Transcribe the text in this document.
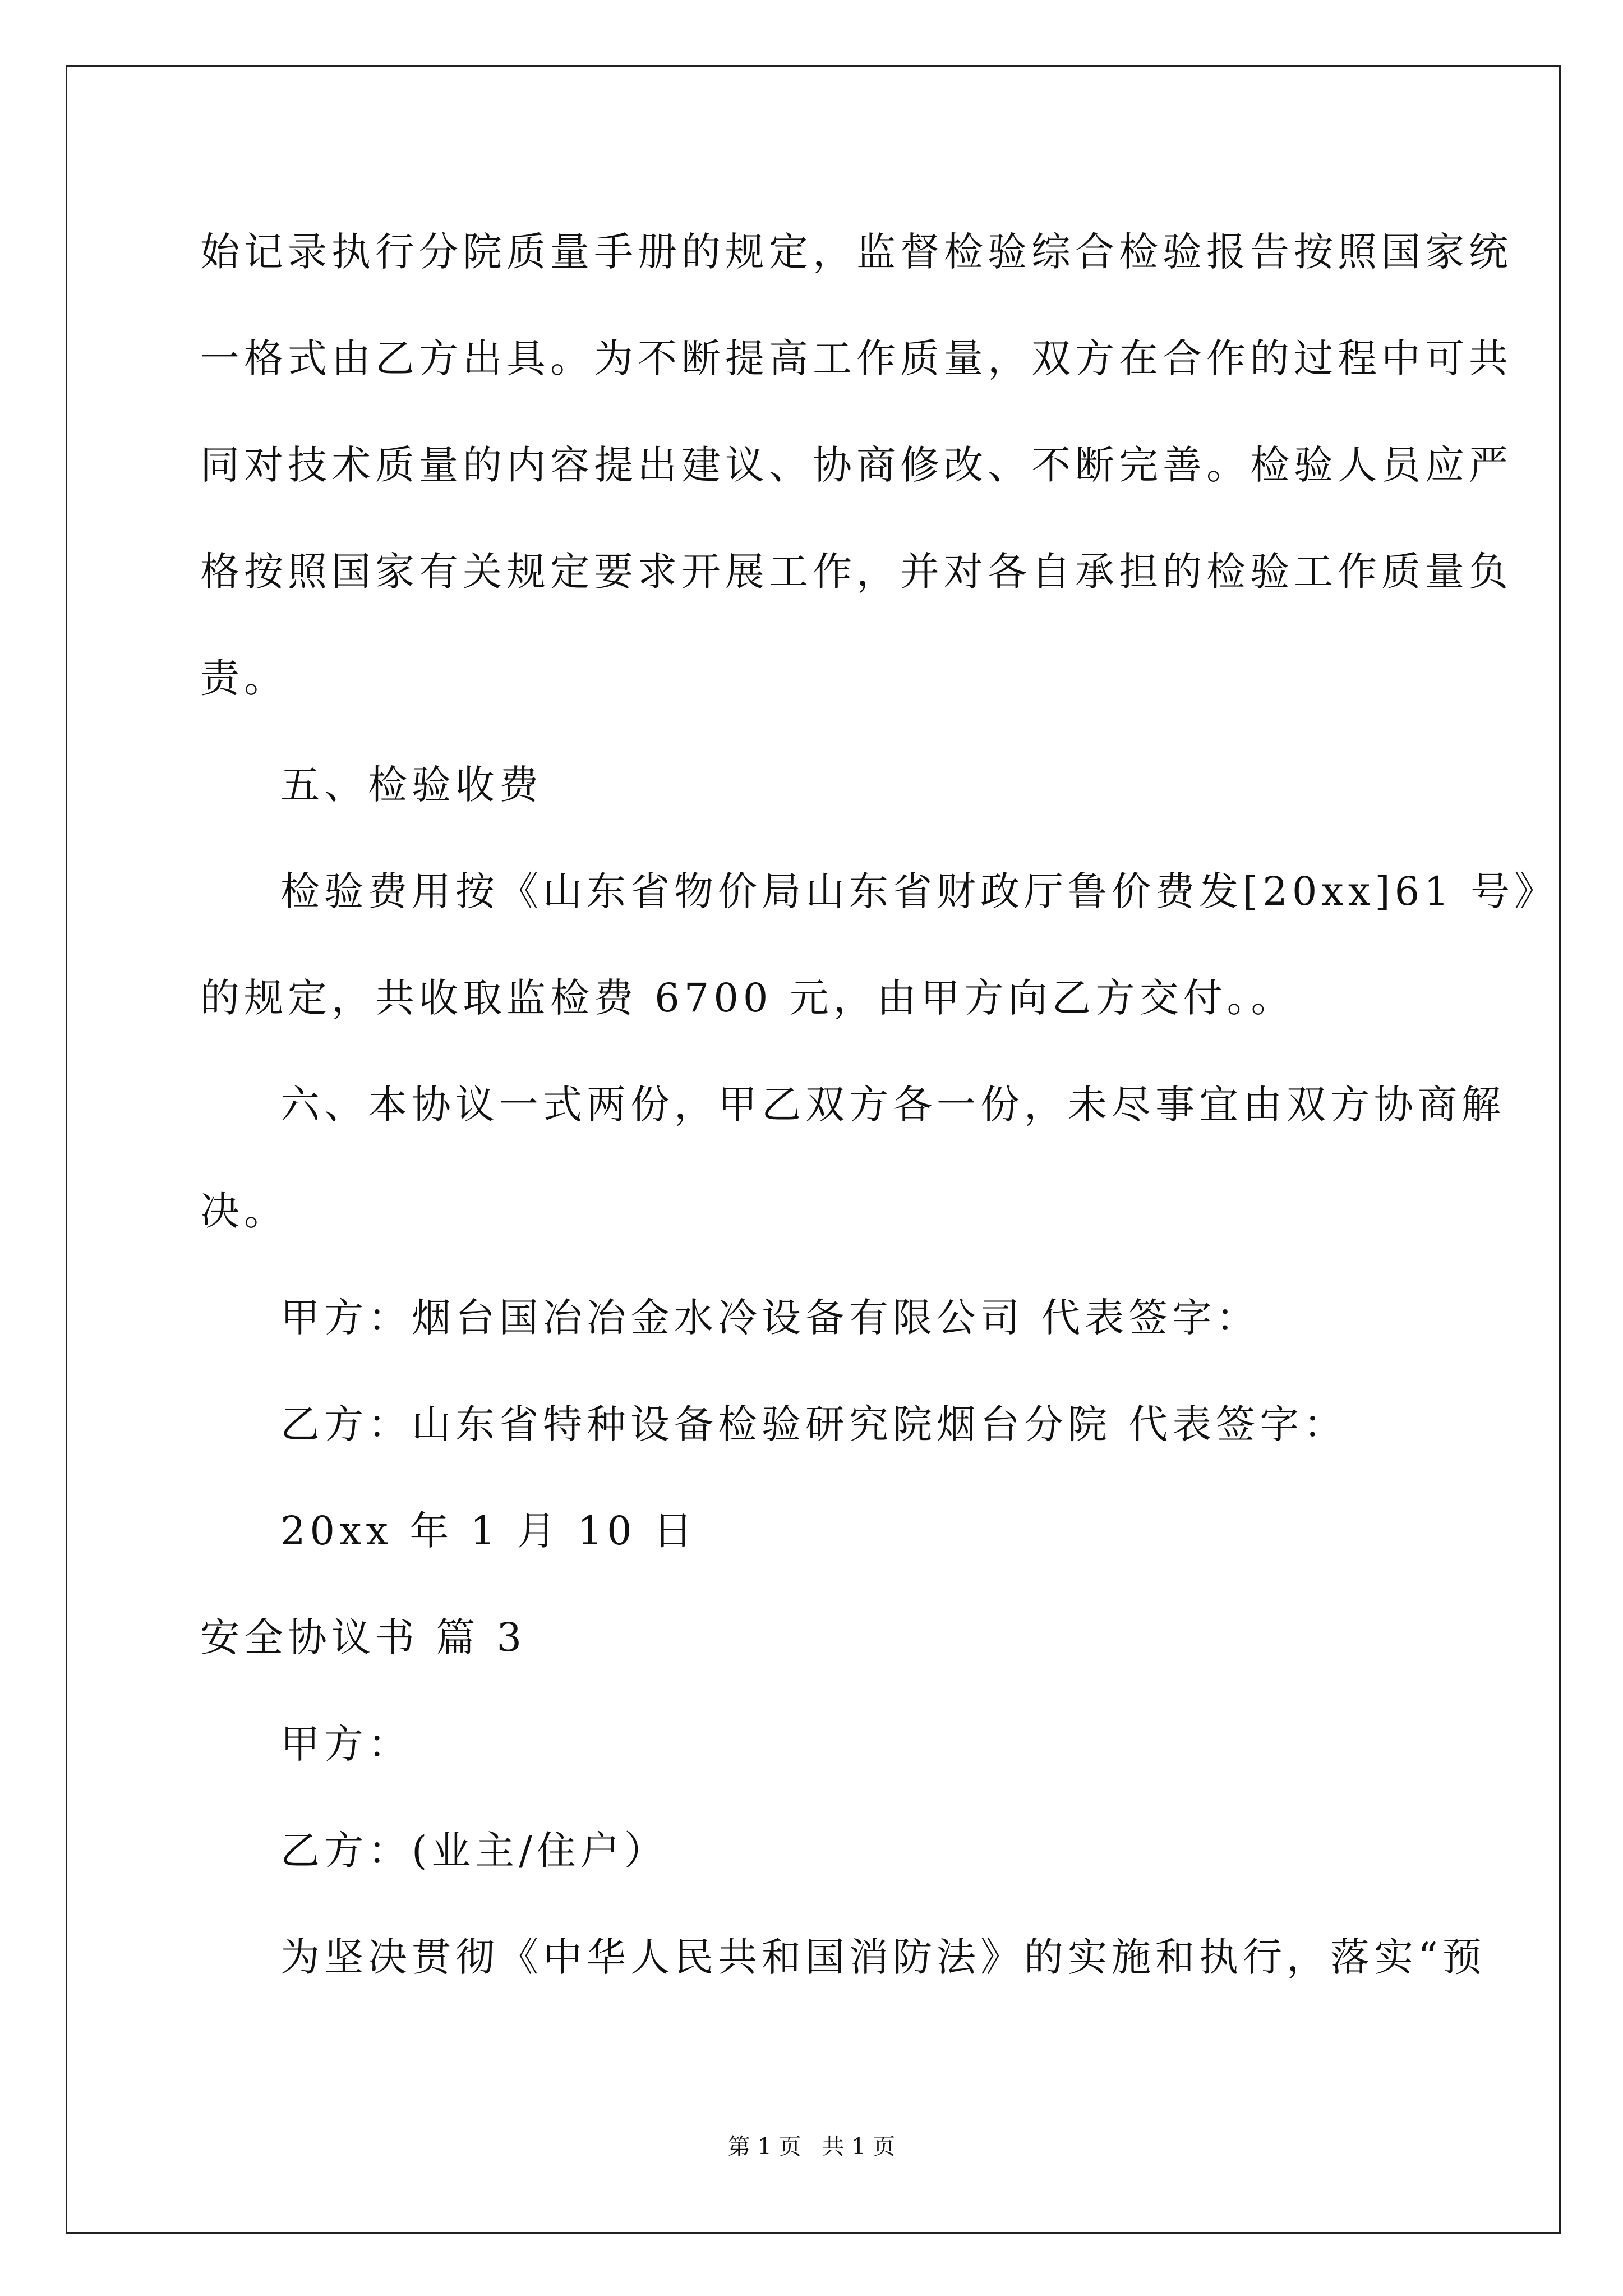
始记录执行分院质量手册的规定，监督检验综合检验报告按照国家统
一格式由乙方出具。为不断提高工作质量，双方在合作的过程中可共
同对技术质量的内容提出建议、协商修改、不断完善。检验人员应严
格按照国家有关规定要求开展工作，并对各自承担的检验工作质量负
责。
五、检验收费
检验费用按《山东省物价局山东省财政厅鲁价费发[20xx]61 号》
的规定，共收取监检费 6700 元，由甲方向乙方交付。。
六、本协议一式两份，甲乙双方各一份，未尽事宜由双方协商解
决。
甲方：烟台国冶冶金水冷设备有限公司 代表签字：
乙方：山东省特种设备检验研究院烟台分院 代表签字：
20xx 年 1 月 10 日
安全协议书 篇 3
甲方：
乙方：(业主/住户）
为坚决贯彻《中华人民共和国消防法》的实施和执行，落实“预
第 1 页 共 1 页
